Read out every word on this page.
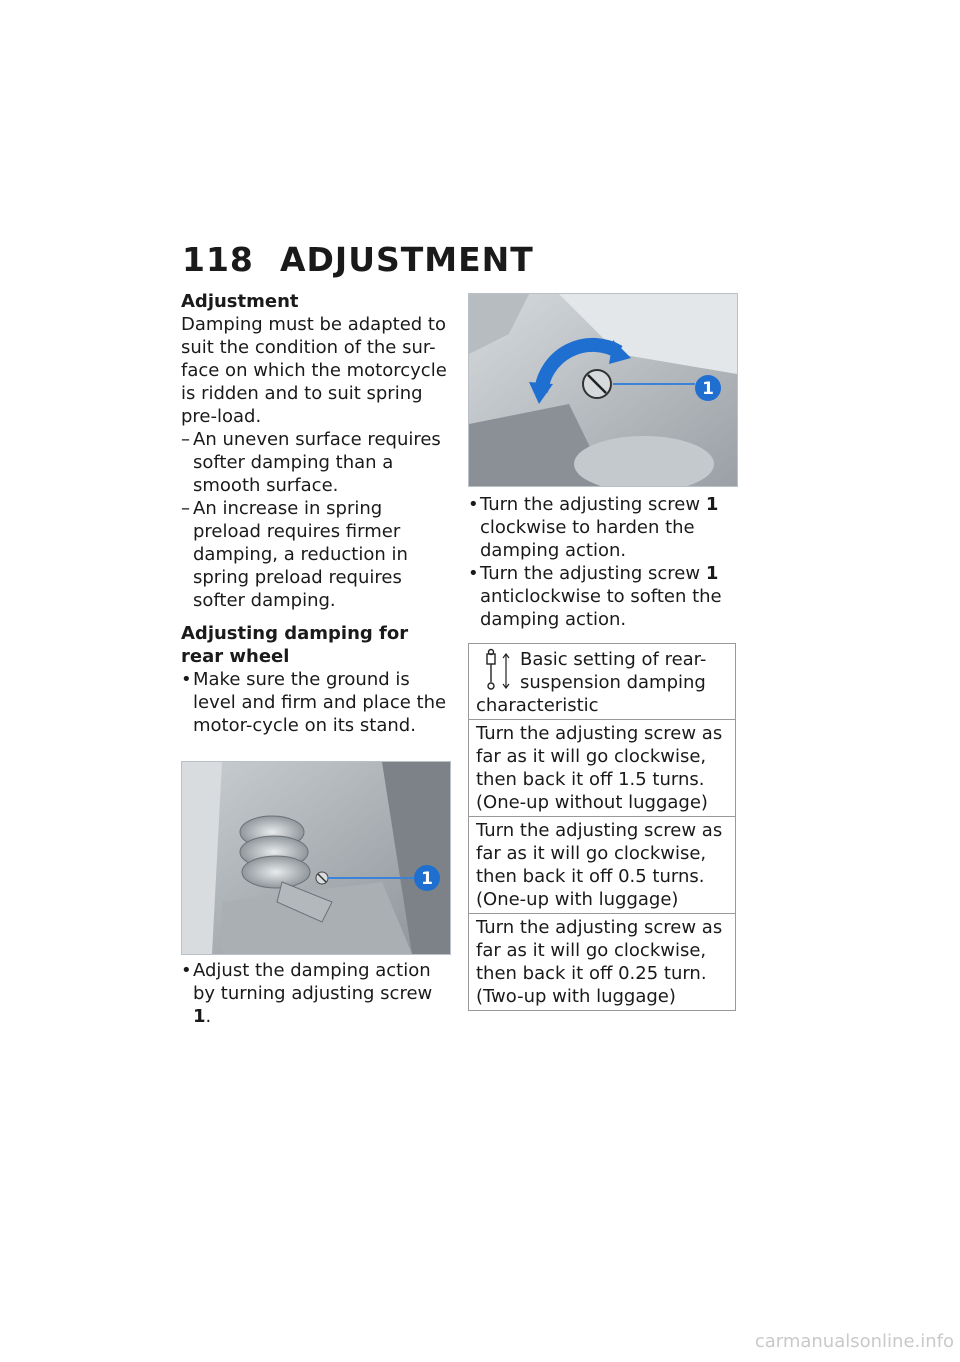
118 ADJUSTMENT
Adjustment

Damping must be adapted to suit the condition of the sur-face on which the motorcycle is ridden and to suit spring pre-load.

– An uneven surface requires softer damping than a smooth surface.

– An increase in spring preload requires firmer damping, a reduction in spring preload requires softer damping.

Adjusting damping for rear wheel

• Make sure the ground is level and firm and place the motor-cycle on its stand.

1

• Adjust the damping action by turning adjusting screw 1.

1

• Turn the adjusting screw 1 clockwise to harden the damping action.

• Turn the adjusting screw 1 anticlockwise to soften the damping action.

Basic setting of rear-suspension damping characteristic
Turn the adjusting screw as far as it will go clockwise, then back it off 1.5 turns. (One-up without luggage)
Turn the adjusting screw as far as it will go clockwise, then back it off 0.5 turns. (One-up with luggage)
Turn the adjusting screw as far as it will go clockwise, then back it off 0.25 turn. (Two-up with luggage)
carmanualsonline.info
